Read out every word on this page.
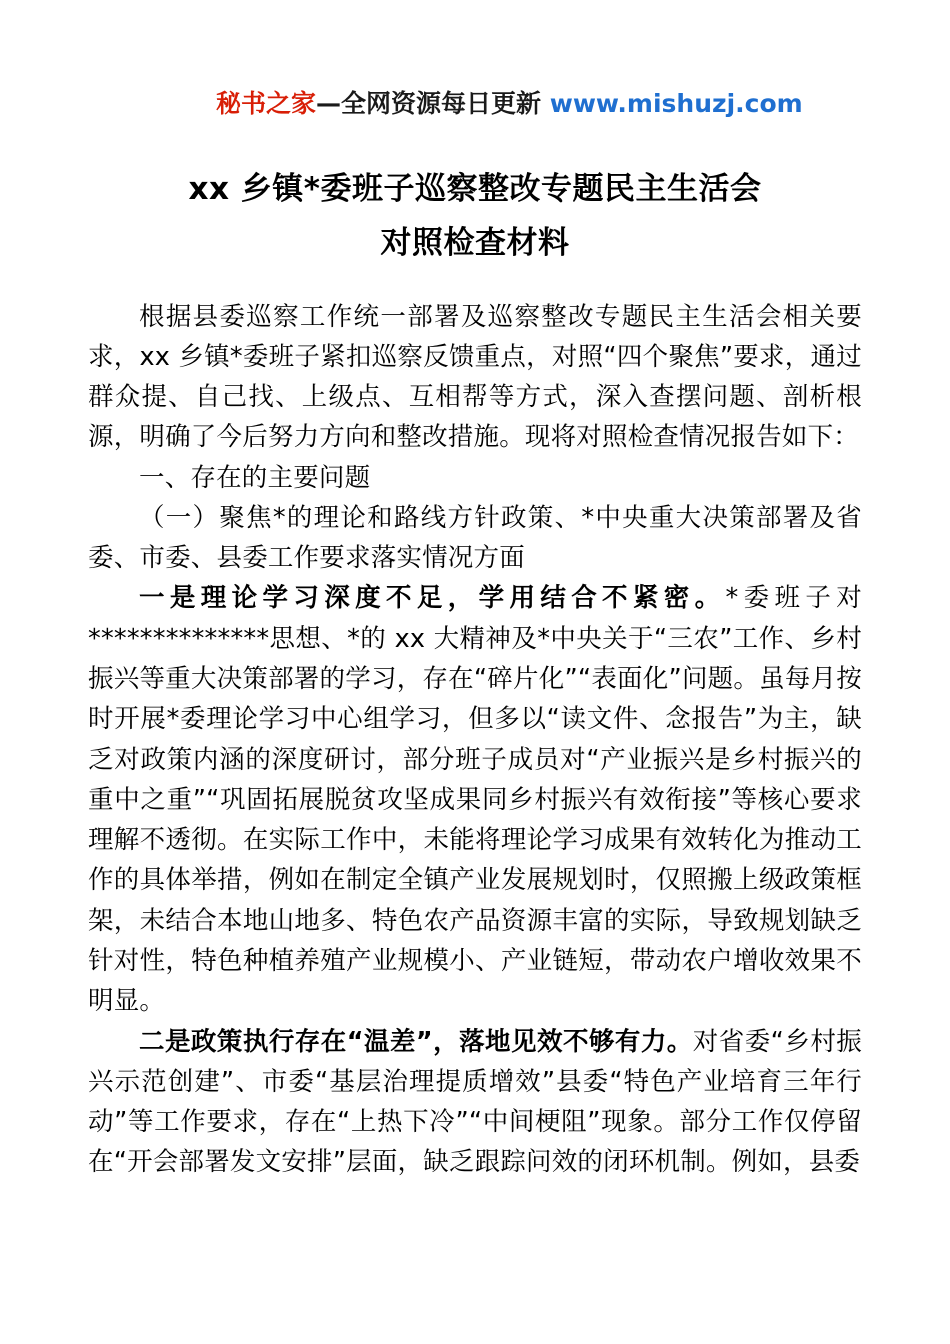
秘书之家—全网资源每日更新 www.mishuzj.com
xx 乡镇*委班子巡察整改专题民主生活会
对照检查材料

根据县委巡察工作统一部署及巡察整改专题民主生活会相关要求，xx 乡镇*委班子紧扣巡察反馈重点，对照“四个聚焦”要求，通过群众提、自己找、上级点、互相帮等方式，深入查摆问题、剖析根源，明确了今后努力方向和整改措施。现将对照检查情况报告如下：

一、存在的主要问题

（一）聚焦*的理论和路线方针政策、*中央重大决策部署及省委、市委、县委工作要求落实情况方面

一是理论学习深度不足，学用结合不紧密。*委班子对**************思想、*的 xx 大精神及*中央关于“三农”工作、乡村振兴等重大决策部署的学习，存在“碎片化”“表面化”问题。虽每月按时开展*委理论学习中心组学习，但多以“读文件、念报告”为主，缺乏对政策内涵的深度研讨，部分班子成员对“产业振兴是乡村振兴的重中之重”“巩固拓展脱贫攻坚成果同乡村振兴有效衔接”等核心要求理解不透彻。在实际工作中，未能将理论学习成果有效转化为推动工作的具体举措，例如在制定全镇产业发展规划时，仅照搬上级政策框架，未结合本地山地多、特色农产品资源丰富的实际，导致规划缺乏针对性，特色种植养殖产业规模小、产业链短，带动农户增收效果不明显。

二是政策执行存在“温差”，落地见效不够有力。对省委“乡村振兴示范创建”、市委“基层治理提质增效”县委“特色产业培育三年行动”等工作要求，存在“上热下冷”“中间梗阻”现象。部分工作仅停留在“开会部署发文安排”层面，缺乏跟踪问效的闭环机制。例如，县委
